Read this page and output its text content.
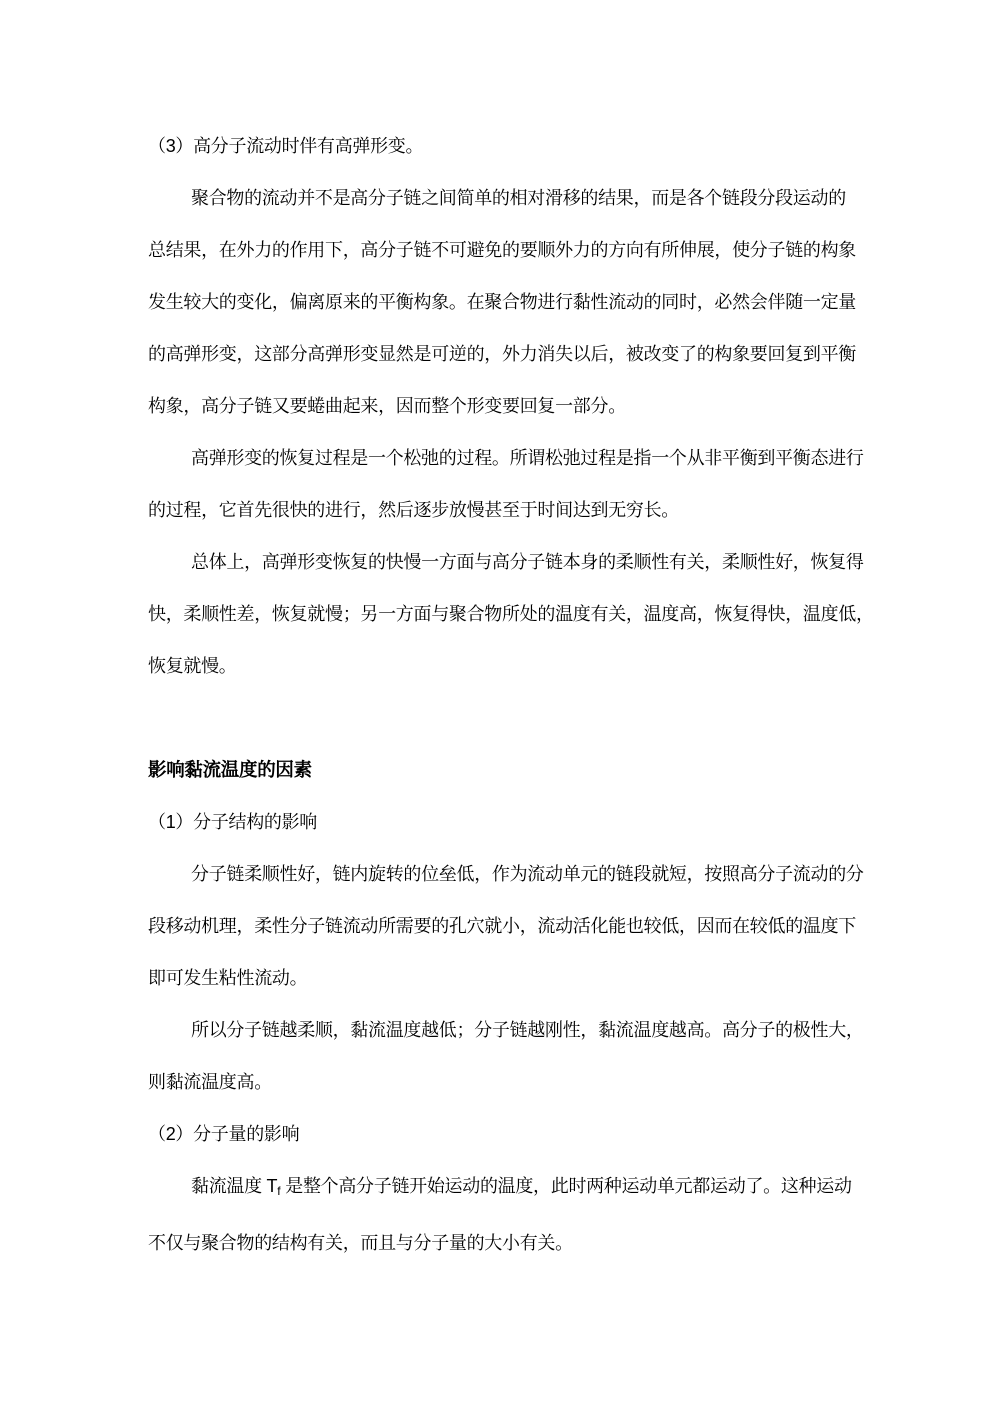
（3）高分子流动时伴有高弹形变。
聚合物的流动并不是高分子链之间简单的相对滑移的结果，而是各个链段分段运动的
总结果，在外力的作用下，高分子链不可避免的要顺外力的方向有所伸展，使分子链的构象
发生较大的变化，偏离原来的平衡构象。在聚合物进行黏性流动的同时，必然会伴随一定量
的高弹形变，这部分高弹形变显然是可逆的，外力消失以后，被改变了的构象要回复到平衡
构象，高分子链又要蜷曲起来，因而整个形变要回复一部分。
高弹形变的恢复过程是一个松弛的过程。所谓松弛过程是指一个从非平衡到平衡态进行
的过程，它首先很快的进行，然后逐步放慢甚至于时间达到无穷长。
总体上，高弹形变恢复的快慢一方面与高分子链本身的柔顺性有关，柔顺性好，恢复得
快，柔顺性差，恢复就慢；另一方面与聚合物所处的温度有关，温度高，恢复得快，温度低，
恢复就慢。
影响黏流温度的因素
（1）分子结构的影响
分子链柔顺性好，链内旋转的位垒低，作为流动单元的链段就短，按照高分子流动的分
段移动机理，柔性分子链流动所需要的孔穴就小，流动活化能也较低，因而在较低的温度下
即可发生粘性流动。
所以分子链越柔顺，黏流温度越低；分子链越刚性，黏流温度越高。高分子的极性大，
则黏流温度高。
（2）分子量的影响
黏流温度 $T_f$ 是整个高分子链开始运动的温度，此时两种运动单元都运动了。这种运动
不仅与聚合物的结构有关，而且与分子量的大小有关。
